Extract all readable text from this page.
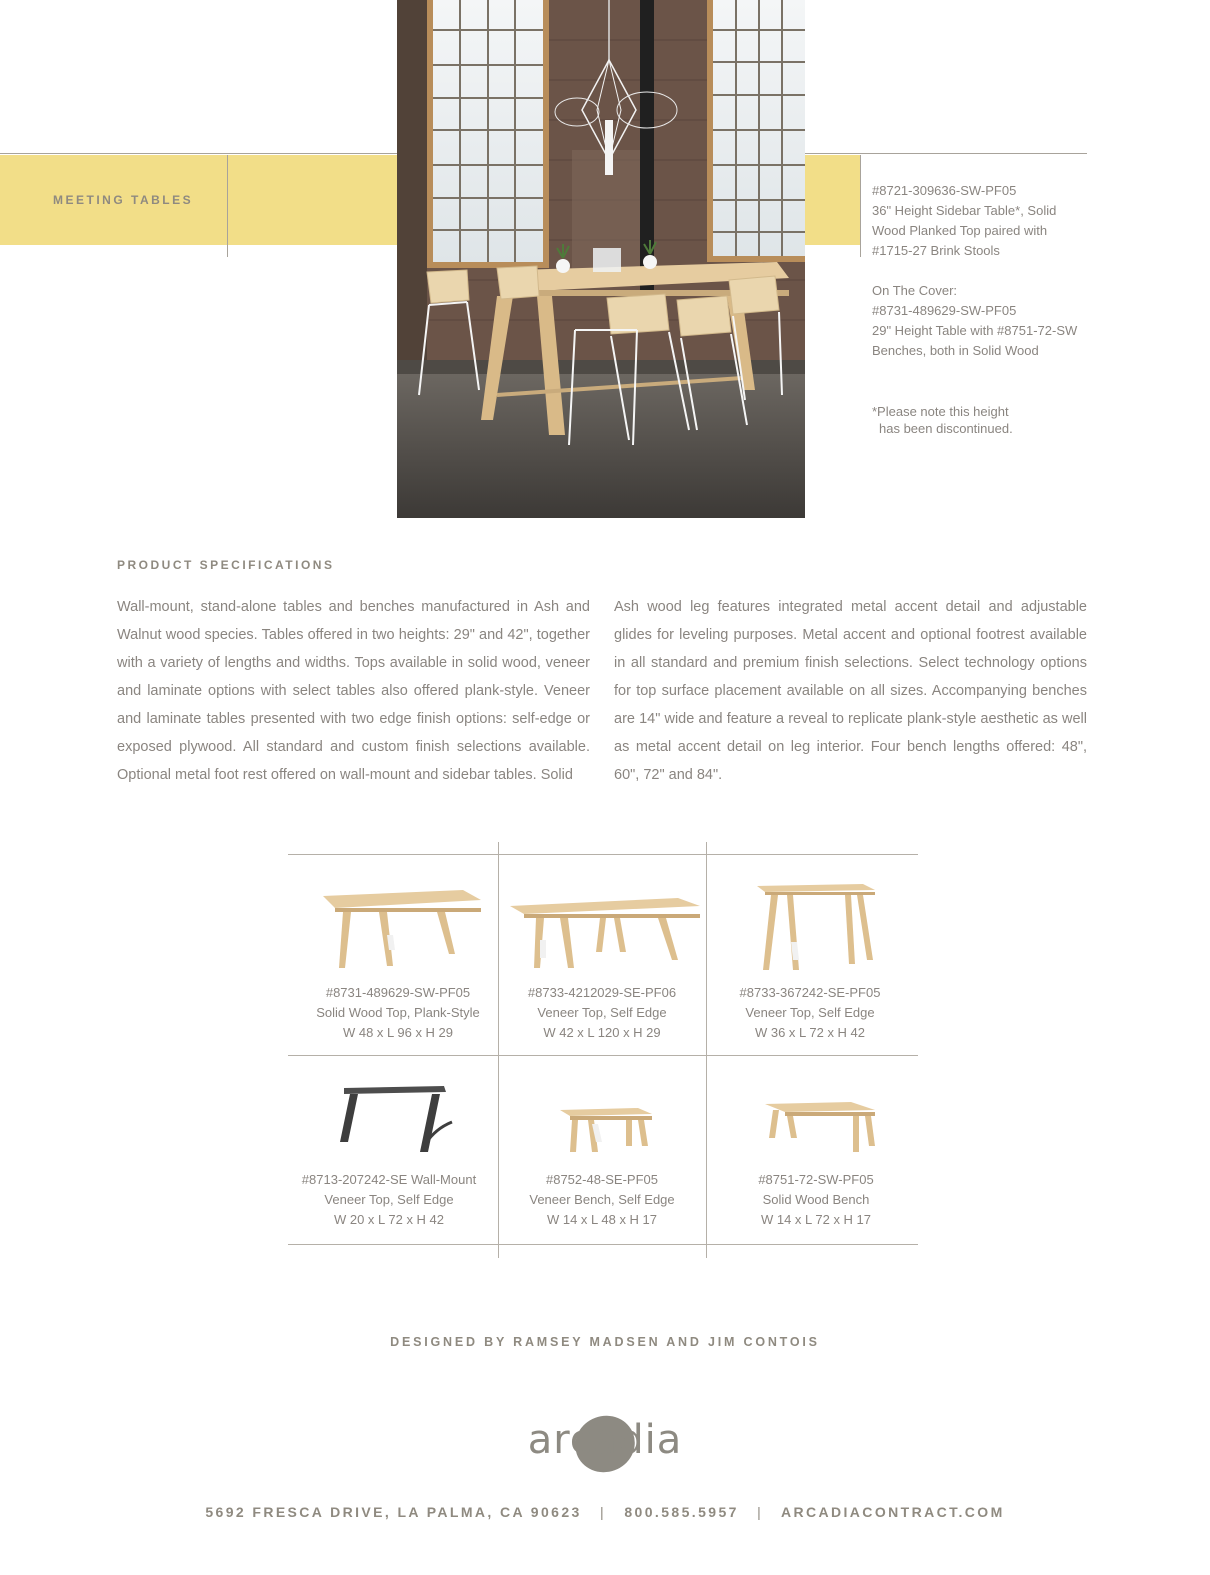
MEETING TABLES
#8721-309636-SW-PF05
36" Height Sidebar Table*, Solid
Wood Planked Top paired with
#1715-27 Brink Stools
On The Cover:
#8731-489629-SW-PF05
29" Height Table with #8751-72-SW
Benches, both in Solid Wood
*Please note this height
has been discontinued.
PRODUCT SPECIFICATIONS
Wall-mount, stand-alone tables and benches manufactured in Ash and Walnut wood species. Tables offered in two heights: 29" and 42", together with a variety of lengths and widths. Tops available in solid wood, veneer and laminate options with select tables also offered plank-style. Veneer and laminate tables presented with two edge finish options: self-edge or exposed plywood. All standard and custom finish selections available. Optional metal foot rest offered on wall-mount and sidebar tables. Solid
Ash wood leg features integrated metal accent detail and adjustable glides for leveling purposes. Metal accent and optional footrest available in all standard and premium finish selections. Select technology options for top surface placement available on all sizes. Accompanying benches are 14" wide and feature a reveal to replicate plank-style aesthetic as well as metal accent detail on leg interior. Four bench lengths offered: 48", 60", 72" and 84".
#8731-489629-SW-PF05
Solid Wood Top, Plank-Style
W 48 x L 96 x H 29
#8733-4212029-SE-PF06
Veneer Top, Self Edge
W 42 x L 120 x H 29
#8733-367242-SE-PF05
Veneer Top, Self Edge
W 36 x L 72 x H 42
#8713-207242-SE Wall-Mount
Veneer Top, Self Edge
W 20 x L 72 x H 42
#8752-48-SE-PF05
Veneer Bench, Self Edge
W 14 x L 48 x H 17
#8751-72-SW-PF05
Solid Wood Bench
W 14 x L 72 x H 17
DESIGNED BY RAMSEY MADSEN AND JIM CONTOIS
arcadia
5692 FRESCA DRIVE, LA PALMA, CA 90623 | 800.585.5957 | ARCADIACONTRACT.COM
